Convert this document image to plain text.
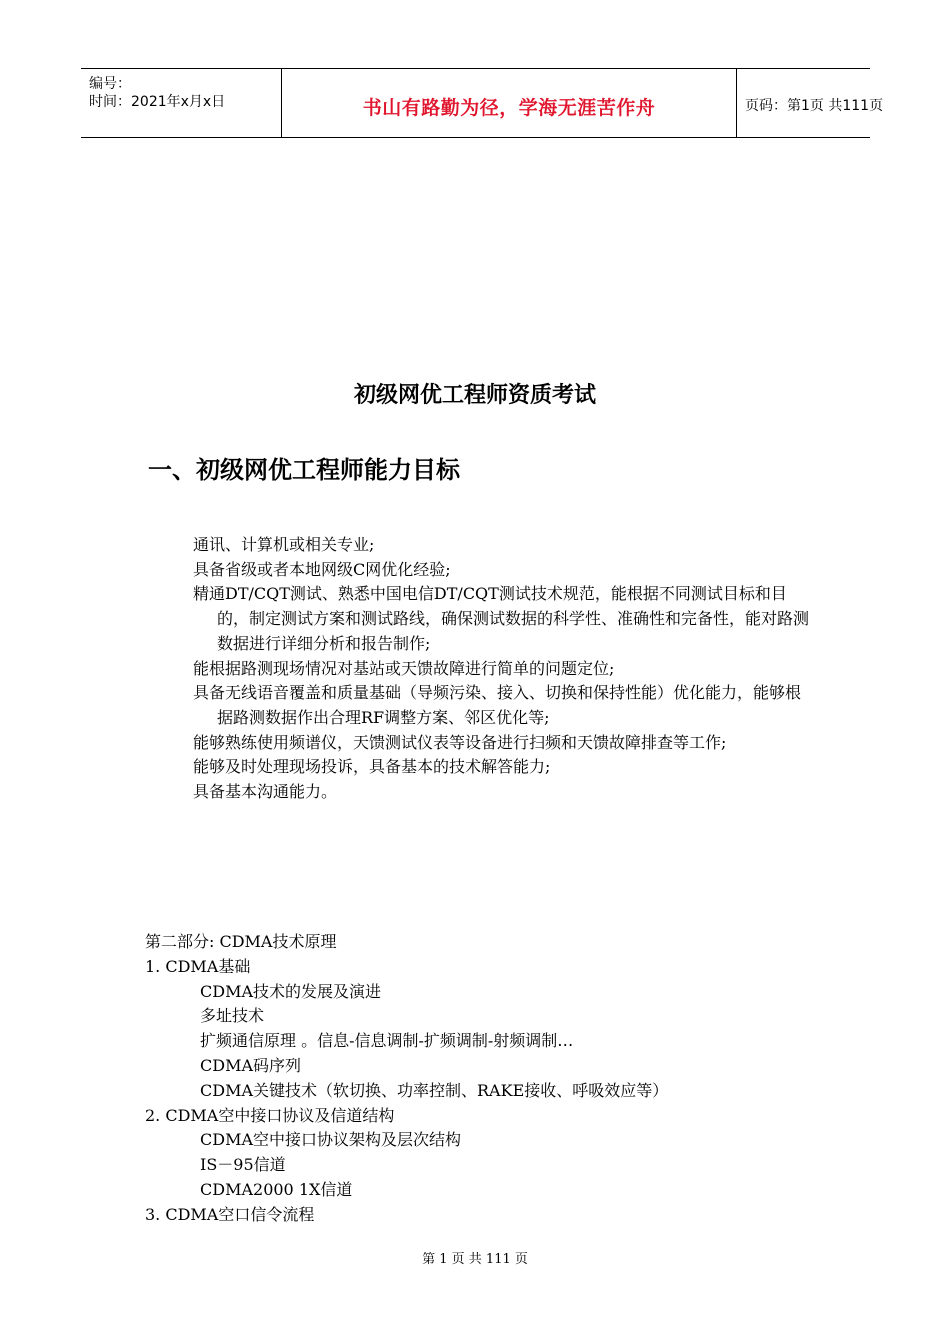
编号：
时间：2021年x月x日	书山有路勤为径，学海无涯苦作舟	页码：第1页 共111页
初级网优工程师资质考试
一、初级网优工程师能力目标

通讯、计算机或相关专业;

具备省级或者本地网级C网优化经验;

精通DT/CQT测试、熟悉中国电信DT/CQT测试技术规范，能根据不同测试目标和目的，制定测试方案和测试路线，确保测试数据的科学性、准确性和完备性，能对路测数据进行详细分析和报告制作;

能根据路测现场情况对基站或天馈故障进行简单的问题定位;

具备无线语音覆盖和质量基础（导频污染、接入、切换和保持性能）优化能力，能够根据路测数据作出合理RF调整方案、邻区优化等;

能够熟练使用频谱仪，天馈测试仪表等设备进行扫频和天馈故障排查等工作;

能够及时处理现场投诉，具备基本的技术解答能力;

具备基本沟通能力。

第二部分: CDMA技术原理
1. CDMA基础
CDMA技术的发展及演进
多址技术
扩频通信原理 。信息-信息调制-扩频调制-射频调制…
CDMA码序列
CDMA关键技术（软切换、功率控制、RAKE接收、呼吸效应等）
2. CDMA空中接口协议及信道结构
CDMA空中接口协议架构及层次结构
IS－95信道
CDMA2000 1X信道
3. CDMA空口信令流程
第 1 页 共 111 页
